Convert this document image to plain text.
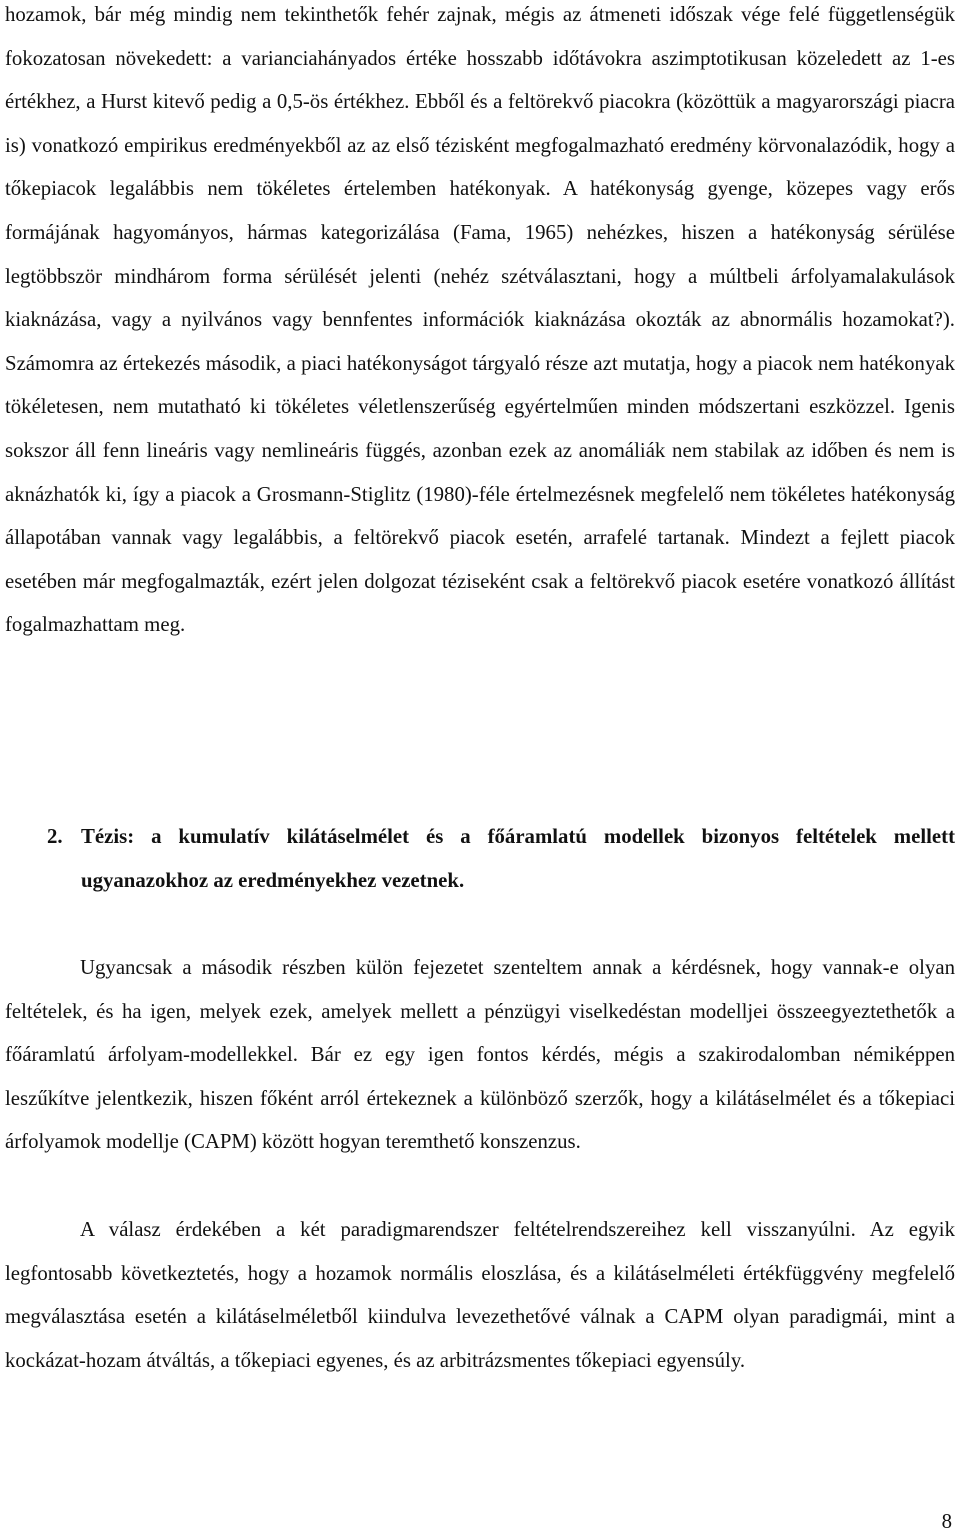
hozamok, bár még mindig nem tekinthetők fehér zajnak, mégis az átmeneti időszak vége felé függetlenségük fokozatosan növekedett: a varianciahányados értéke hosszabb időtávokra aszimptotikusan közeledett az 1-es értékhez, a Hurst kitevő pedig a 0,5-ös értékhez. Ebből és a feltörekvő piacokra (közöttük a magyarországi piacra is) vonatkozó empirikus eredményekből az az első tézisként megfogalmazható eredmény körvonalazódik, hogy a tőkepiacok legalábbis nem tökéletes értelemben hatékonyak. A hatékonyság gyenge, közepes vagy erős formájának hagyományos, hármas kategorizálása (Fama, 1965) nehézkes, hiszen a hatékonyság sérülése legtöbbször mindhárom forma sérülését jelenti (nehéz szétválasztani, hogy a múltbeli árfolyamalakulások kiaknázása, vagy a nyilvános vagy bennfentes információk kiaknázása okozták az abnormális hozamokat?). Számomra az értekezés második, a piaci hatékonyságot tárgyaló része azt mutatja, hogy a piacok nem hatékonyak tökéletesen, nem mutatható ki tökéletes véletlenszerűség egyértelműen minden módszertani eszközzel. Igenis sokszor áll fenn lineáris vagy nemlineáris függés, azonban ezek az anomáliák nem stabilak az időben és nem is aknázhatók ki, így a piacok a Grosmann-Stiglitz (1980)-féle értelmezésnek megfelelő nem tökéletes hatékonyság állapotában vannak vagy legalábbis, a feltörekvő piacok esetén, arrafelé tartanak. Mindezt a fejlett piacok esetében már megfogalmazták, ezért jelen dolgozat téziseként csak a feltörekvő piacok esetére vonatkozó állítást fogalmazhattam meg.

2. Tézis: a kumulatív kilátáselmélet és a főáramlatú modellek bizonyos feltételek mellett ugyanazokhoz az eredményekhez vezetnek.

Ugyancsak a második részben külön fejezetet szenteltem annak a kérdésnek, hogy vannak-e olyan feltételek, és ha igen, melyek ezek, amelyek mellett a pénzügyi viselkedéstan modelljei összeegyeztethetők a főáramlatú árfolyam-modellekkel. Bár ez egy igen fontos kérdés, mégis a szakirodalomban némiképpen leszűkítve jelentkezik, hiszen főként arról értekeznek a különböző szerzők, hogy a kilátáselmélet és a tőkepiaci árfolyamok modellje (CAPM) között hogyan teremthető konszenzus.

A válasz érdekében a két paradigmarendszer feltételrendszereihez kell visszanyúlni. Az egyik legfontosabb következtetés, hogy a hozamok normális eloszlása, és a kilátáselméleti értékfüggvény megfelelő megválasztása esetén a kilátáselméletből kiindulva levezethetővé válnak a CAPM olyan paradigmái, mint a kockázat-hozam átváltás, a tőkepiaci egyenes, és az arbitrázsmentes tőkepiaci egyensúly.

8
